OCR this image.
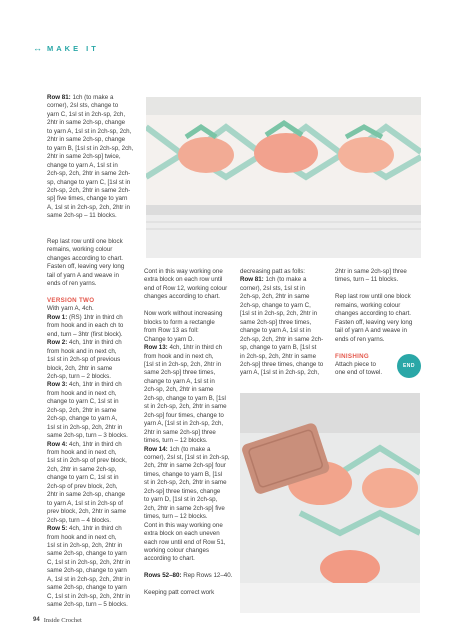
↔ MAKE IT
Row 81: 1ch (to make a
corner), 2sl sts, change to
yarn C, 1sl st in 2ch-sp, 2ch,
2htr in same 2ch-sp, change
to yarn A, 1sl st in 2ch-sp, 2ch,
2htr in same 2ch-sp, change
to yarn B, [1sl st in 2ch-sp, 2ch,
2htr in same 2ch-sp] twice,
change to yarn A, 1sl st in
2ch-sp, 2ch, 2htr in same 2ch-
sp, change to yarn C, [1sl st in
2ch-sp, 2ch, 2htr in same 2ch-
sp] five times, change to yarn
A, 1sl st in 2ch-sp, 2ch, 2htr in
same 2ch-sp – 11 blocks.

Rep last row until one block
remains, working colour
changes according to chart.
Fasten off, leaving very long
tail of yarn A and weave in
ends of ren yarns.

VERSION TWO
With yarn A, 4ch.
Row 1: (RS) 1htr in third ch
from hook and in each ch to
end, turn – 3htr (first block).
Row 2: 4ch, 1htr in third ch
from hook and in next ch,
1sl st in 2ch-sp of previous
block, 2ch, 2htr in same
2ch-sp, turn – 2 blocks.
Row 3: 4ch, 1htr in third ch
from hook and in next ch,
change to yarn C, 1sl st in
2ch-sp, 2ch, 2htr in same
2ch-sp, change to yarn A,
1sl st in 2ch-sp, 2ch, 2htr in
same 2ch-sp, turn – 3 blocks.
Row 4: 4ch, 1htr in third ch
from hook and in next ch,
1sl st in 2ch-sp of prev block,
2ch, 2htr in same 2ch-sp,
change to yarn C, 1sl st in
2ch-sp of prev block, 2ch,
2htr in same 2ch-sp, change
to yarn A, 1sl st in 2ch-sp of
prev block, 2ch, 2htr in same
2ch-sp, turn – 4 blocks.
Row 5: 4ch, 1htr in third ch
from hook and in next ch,
1sl st in 2ch-sp, 2ch, 2htr in
same 2ch-sp, change to yarn
C, 1sl st in 2ch-sp, 2ch, 2htr in
same 2ch-sp, change to yarn
A, 1sl st in 2ch-sp, 2ch, 2htr in
same 2ch-sp, change to yarn
C, 1sl st in 2ch-sp, 2ch, 2htr in
same 2ch-sp, turn – 5 blocks.
Cont in this way working one
extra block on each row until
end of Row 12, working colour
changes according to chart.

Now work without increasing
blocks to form a rectangle
from Row 13 as foll:
Change to yarn D.
Row 13: 4ch, 1htr in third ch
from hook and in next ch,
[1sl st in 2ch-sp, 2ch, 2htr in
same 2ch-sp] three times,
change to yarn A, 1sl st in
2ch-sp, 2ch, 2htr in same
2ch-sp, change to yarn B, [1sl
st in 2ch-sp, 2ch, 2htr in same
2ch-sp] four times, change to
yarn A, [1sl st in 2ch-sp, 2ch,
2htr in same 2ch-sp] three
times, turn – 12 blocks.
Row 14: 1ch (to make a
corner), 2sl st, [1sl st in 2ch-sp,
2ch, 2htr in same 2ch-sp] four
times, change to yarn B, [1sl
st in 2ch-sp, 2ch, 2htr in same
2ch-sp] three times, change
to yarn D, [1sl st in 2ch-sp,
2ch, 2htr in same 2ch-sp] five
times, turn – 12 blocks.
Cont in this way working one
extra block on each uneven
each row until end of Row 51,
working colour changes
according to chart.

Rows 52–80: Rep Rows 12–40.

Keeping patt correct work
decreasing patt as folls:
Row 81: 1ch (to make a
corner), 2sl sts, 1sl st in
2ch-sp, 2ch, 2htr in same
2ch-sp, change to yarn C,
[1sl st in 2ch-sp, 2ch, 2htr in
same 2ch-sp] three times,
change to yarn A, 1sl st in
2ch-sp, 2ch, 2htr in same 2ch-
sp, change to yarn B, [1sl st
in 2ch-sp, 2ch, 2htr in same
2ch-sp] three times, change to
yarn A, [1sl st in 2ch-sp, 2ch,
2htr in same 2ch-sp] three
times, turn – 11 blocks.

Rep last row until one block
remains, working colour
changes according to chart.
Fasten off, leaving very long
tail of yarn A and weave in
ends of ren yarns.

FINISHING
Attach piece to
one end of towel.
END
94 Inside Crochet
